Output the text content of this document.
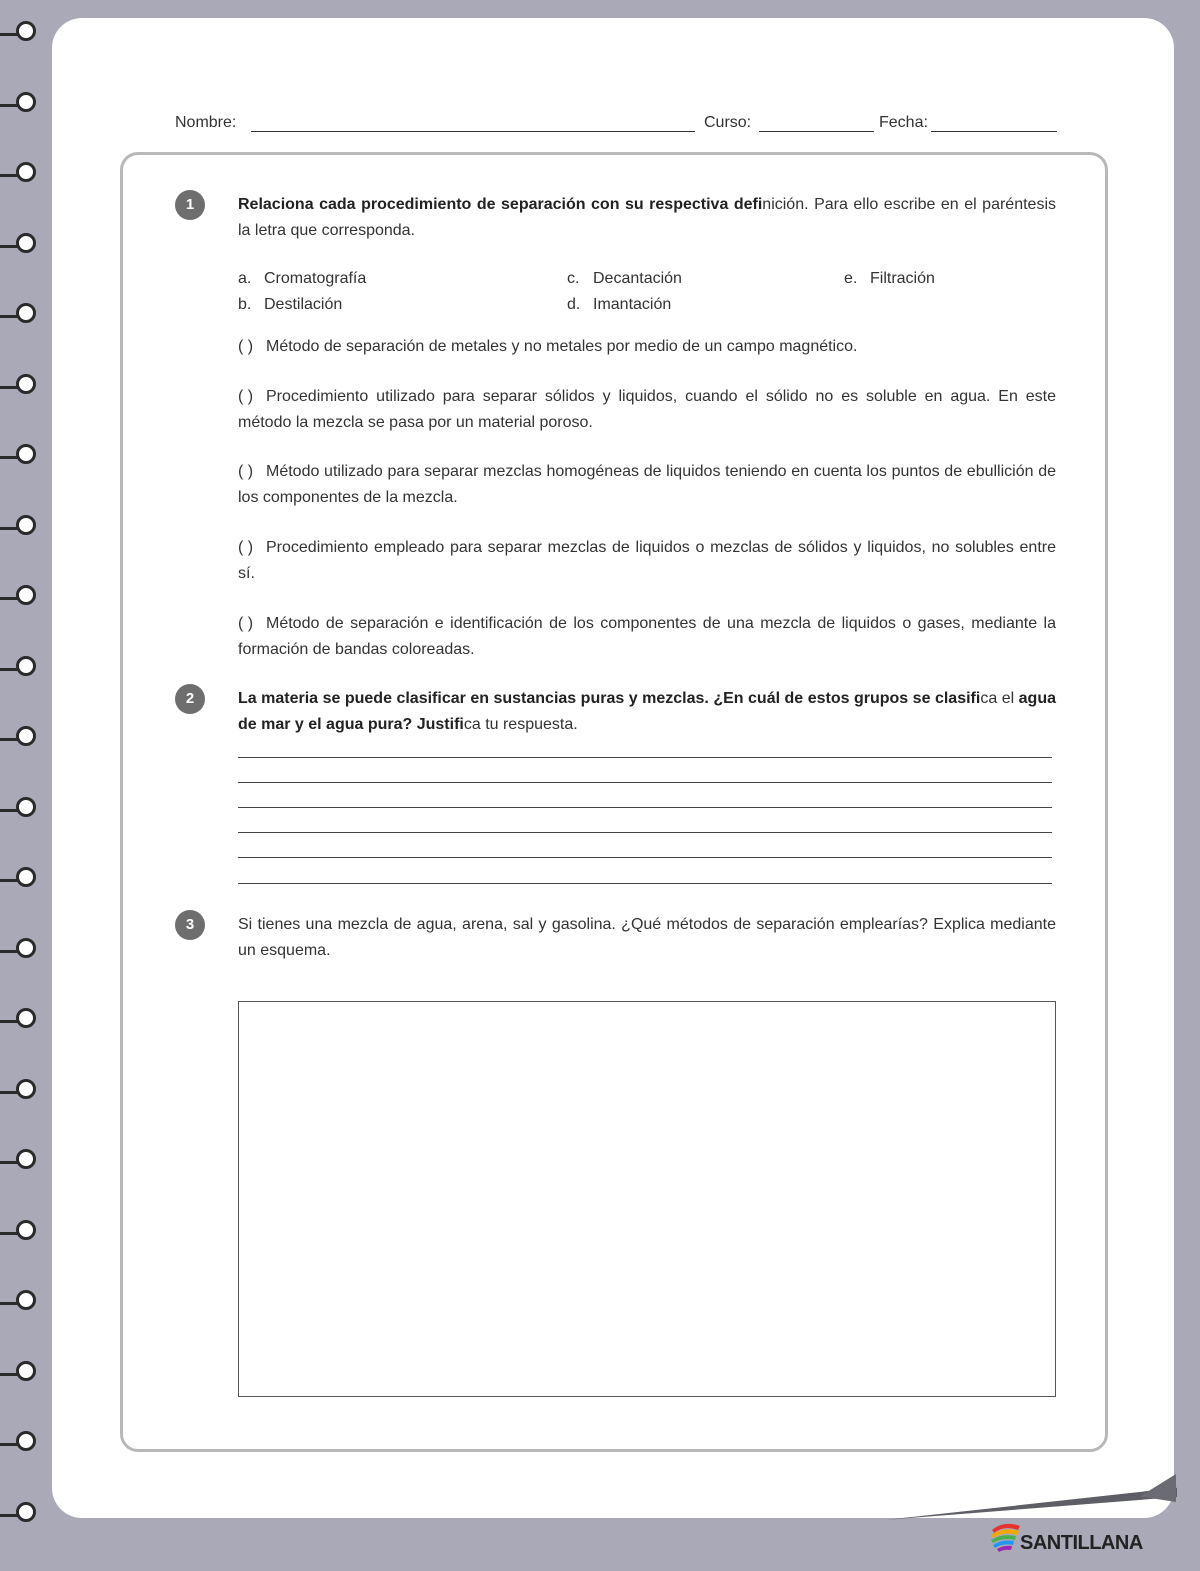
Nombre:	Curso:	Fecha:
1	Relaciona cada procedimiento de separación con su respectiva definición. Para ello escribe en el paréntesis la letra que corresponda.
a. Cromatografía
b. Destilación
c. Decantación
d. Imantación
e. Filtración
( ) Método de separación de metales y no metales por medio de un campo magnético.
( ) Procedimiento utilizado para separar sólidos y liquidos, cuando el sólido no es soluble en agua. En este método la mezcla se pasa por un material poroso.
( ) Método utilizado para separar mezclas homogéneas de liquidos teniendo en cuenta los puntos de ebullición de los componentes de la mezcla.
( ) Procedimiento empleado para separar mezclas de liquidos o mezclas de sólidos y liquidos, no solubles entre sí.
( ) Método de separación e identificación de los componentes de una mezcla de liquidos o gases, mediante la formación de bandas coloreadas.
2	La materia se puede clasificar en sustancias puras y mezclas. ¿En cuál de estos grupos se clasifica el agua de mar y el agua pura? Justifica tu respuesta.
3	Si tienes una mezcla de agua, arena, sal y gasolina. ¿Qué métodos de separación emplearías? Explica mediante un esquema.
SANTILLANA
